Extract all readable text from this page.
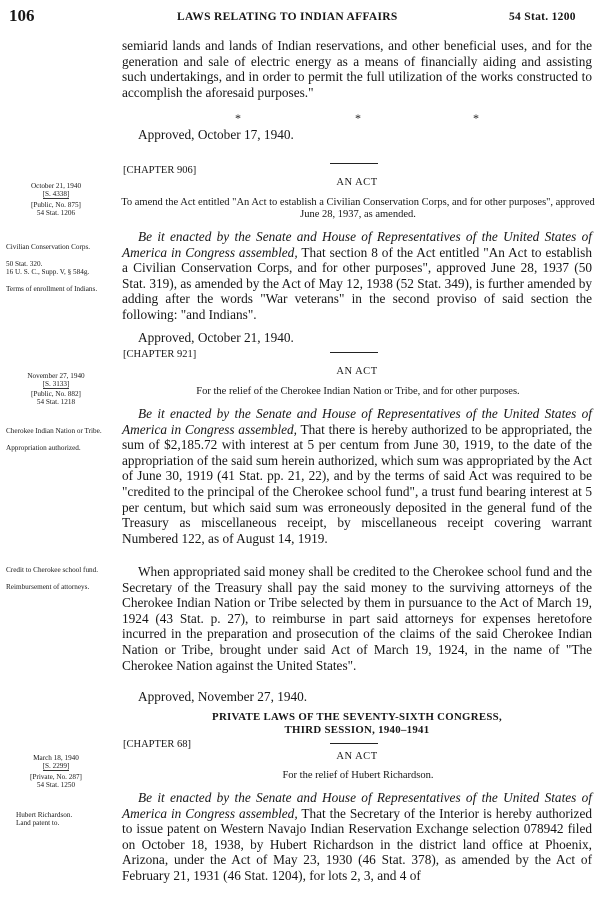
106	LAWS RELATING TO INDIAN AFFAIRS	54 Stat. 1200

semiarid lands and lands of Indian reservations, and other beneficial uses, and for the generation and sale of electric energy as a means of financially aiding and assisting such undertakings, and in order to permit the full utilization of the works constructed to accomplish the aforesaid purposes."

*	*	*
Approved, October 17, 1940.
[CHAPTER 906]
AN ACT
To amend the Act entitled "An Act to establish a Civilian Conservation Corps, and for other purposes", approved June 28, 1937, as amended.
October 21, 1940
[S. 4338]
[Public, No. 875]
54 Stat. 1206

Be it enacted by the Senate and House of Representatives of the United States of America in Congress assembled, That section 8 of the Act entitled "An Act to establish a Civilian Conservation Corps, and for other purposes", approved June 28, 1937 (50 Stat. 319), as amended by the Act of May 12, 1938 (52 Stat. 349), is further amended by adding after the words "War veterans" in the second proviso of said section the following: "and Indians".

Civilian Conservation Corps.
50 Stat. 320.
16 U. S. C., Supp. V, § 584g.
Terms of enrollment of Indians.
Approved, October 21, 1940.
[CHAPTER 921]
AN ACT
For the relief of the Cherokee Indian Nation or Tribe, and for other purposes.
November 27, 1940
[S. 3133]
[Public, No. 882]
54 Stat. 1218

Be it enacted by the Senate and House of Representatives of the United States of America in Congress assembled, That there is hereby authorized to be appropriated, the sum of $2,185.72 with interest at 5 per centum from June 30, 1919, to the date of the appropriation of the said sum herein authorized, which sum was appropriated by the Act of June 30, 1919 (41 Stat. pp. 21, 22), and by the terms of said Act was required to be "credited to the principal of the Cherokee school fund", a trust fund bearing interest at 5 per centum, but which said sum was erroneously deposited in the general fund of the Treasury as miscellaneous receipt, by miscellaneous receipt covering warrant Numbered 122, as of August 14, 1919.

When appropriated said money shall be credited to the Cherokee school fund and the Secretary of the Treasury shall pay the said money to the surviving attorneys of the Cherokee Indian Nation or Tribe selected by them in pursuance to the Act of March 19, 1924 (43 Stat. p. 27), to reimburse in part said attorneys for expenses heretofore incurred in the preparation and prosecution of the claims of the said Cherokee Indian Nation or Tribe, brought under said Act of March 19, 1924, in the name of "The Cherokee Nation against the United States".

Cherokee Indian Nation or Tribe.
Appropriation authorized.
Credit to Cherokee school fund.
Reimbursement of attorneys.
Approved, November 27, 1940.
PRIVATE LAWS OF THE SEVENTY-SIXTH CONGRESS,
THIRD SESSION, 1940–1941
[CHAPTER 68]
AN ACT
For the relief of Hubert Richardson.
March 18, 1940
[S. 2299]
[Private, No. 287]
54 Stat. 1250

Be it enacted by the Senate and House of Representatives of the United States of America in Congress assembled, That the Secretary of the Interior is hereby authorized to issue patent on Western Navajo Indian Reservation Exchange selection 078942 filed on October 18, 1938, by Hubert Richardson in the district land office at Phoenix, Arizona, under the Act of May 23, 1930 (46 Stat. 378), as amended by the Act of February 21, 1931 (46 Stat. 1204), for lots 2, 3, and 4 of

Hubert Richardson.
Land patent to.
